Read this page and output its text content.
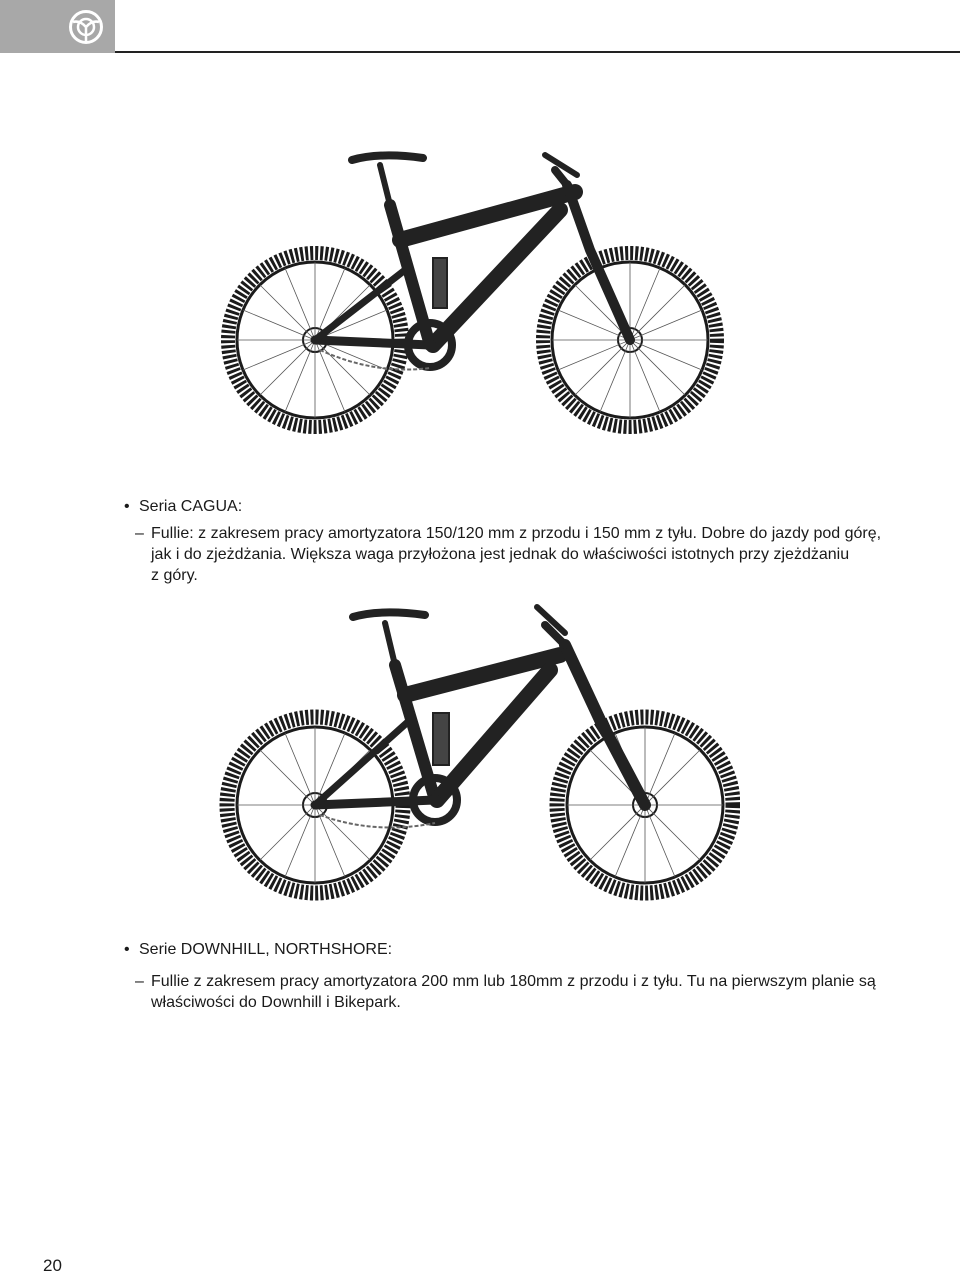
• Seria CAGUA:
– Fullie: z zakresem pracy amortyzatora 150/120 mm z przodu i 150 mm z tyłu. Dobre do jazdy pod górę,
jak i do zjeżdżania. Większa waga przyłożona jest jednak do właściwości istotnych przy zjeżdżaniu
z góry.
• Serie DOWNHILL, NORTHSHORE:
– Fullie z zakresem pracy amortyzatora 200 mm lub 180mm z przodu i z tyłu. Tu na pierwszym planie są
właściwości do Downhill i Bikepark.
20
